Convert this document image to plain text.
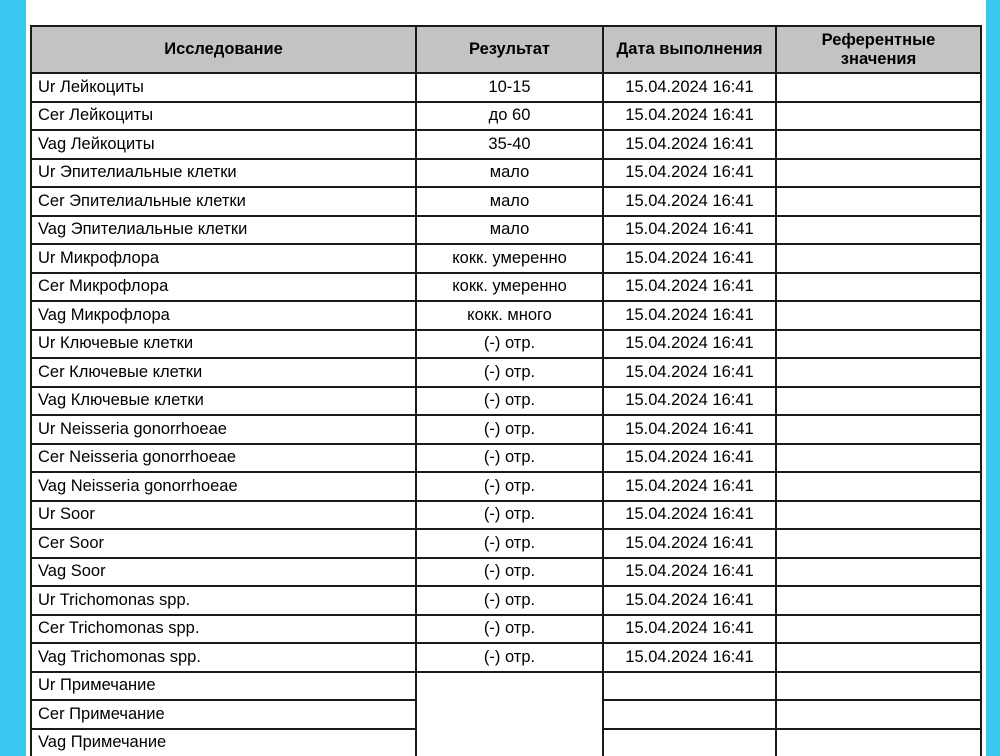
Исследование	Результат	Дата выполнения	Референтные значения
Ur Лейкоциты	10-15	15.04.2024 16:41	
Cer Лейкоциты	до 60	15.04.2024 16:41	
Vag Лейкоциты	35-40	15.04.2024 16:41	
Ur Эпителиальные клетки	мало	15.04.2024 16:41	
Cer Эпителиальные клетки	мало	15.04.2024 16:41	
Vag Эпителиальные клетки	мало	15.04.2024 16:41	
Ur Микрофлора	кокк. умеренно	15.04.2024 16:41	
Cer Микрофлора	кокк. умеренно	15.04.2024 16:41	
Vag Микрофлора	кокк. много	15.04.2024 16:41	
Ur Ключевые клетки	(-) отр.	15.04.2024 16:41	
Cer Ключевые клетки	(-) отр.	15.04.2024 16:41	
Vag Ключевые клетки	(-) отр.	15.04.2024 16:41	
Ur Neisseria gonorrhoeae	(-) отр.	15.04.2024 16:41	
Cer Neisseria gonorrhoeae	(-) отр.	15.04.2024 16:41	
Vag Neisseria gonorrhoeae	(-) отр.	15.04.2024 16:41	
Ur Soor	(-) отр.	15.04.2024 16:41	
Cer Soor	(-) отр.	15.04.2024 16:41	
Vag Soor	(-) отр.	15.04.2024 16:41	
Ur Trichomonas spp.	(-) отр.	15.04.2024 16:41	
Cer Trichomonas spp.	(-) отр.	15.04.2024 16:41	
Vag Trichomonas spp.	(-) отр.	15.04.2024 16:41	
Ur Примечание			
Cer Примечание			
Vag Примечание			
